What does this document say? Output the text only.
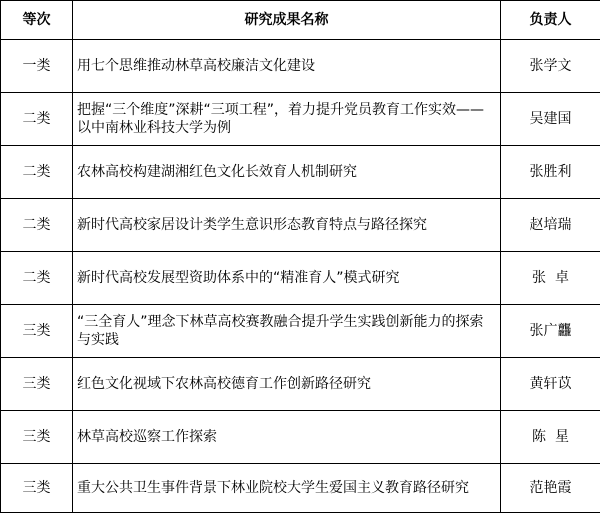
等次	研究成果名称	负责人
一类	用七个思维推动林草高校廉洁文化建设	张学文
二类	把握“三个维度”深耕“三项工程”，着力提升党员教育工作实效——以中南林业科技大学为例	吴建国
二类	农林高校构建湖湘红色文化长效育人机制研究	张胜利
二类	新时代高校家居设计类学生意识形态教育特点与路径探究	赵培瑞
二类	新时代高校发展型资助体系中的“精准育人”模式研究	张  卓
三类	“三全育人”理念下林草高校赛教融合提升学生实践创新能力的探索与实践	张广龘
三类	红色文化视域下农林高校德育工作创新路径研究	黄轩苡
三类	林草高校巡察工作探索	陈  星
三类	重大公共卫生事件背景下林业院校大学生爱国主义教育路径研究	范艳霞
